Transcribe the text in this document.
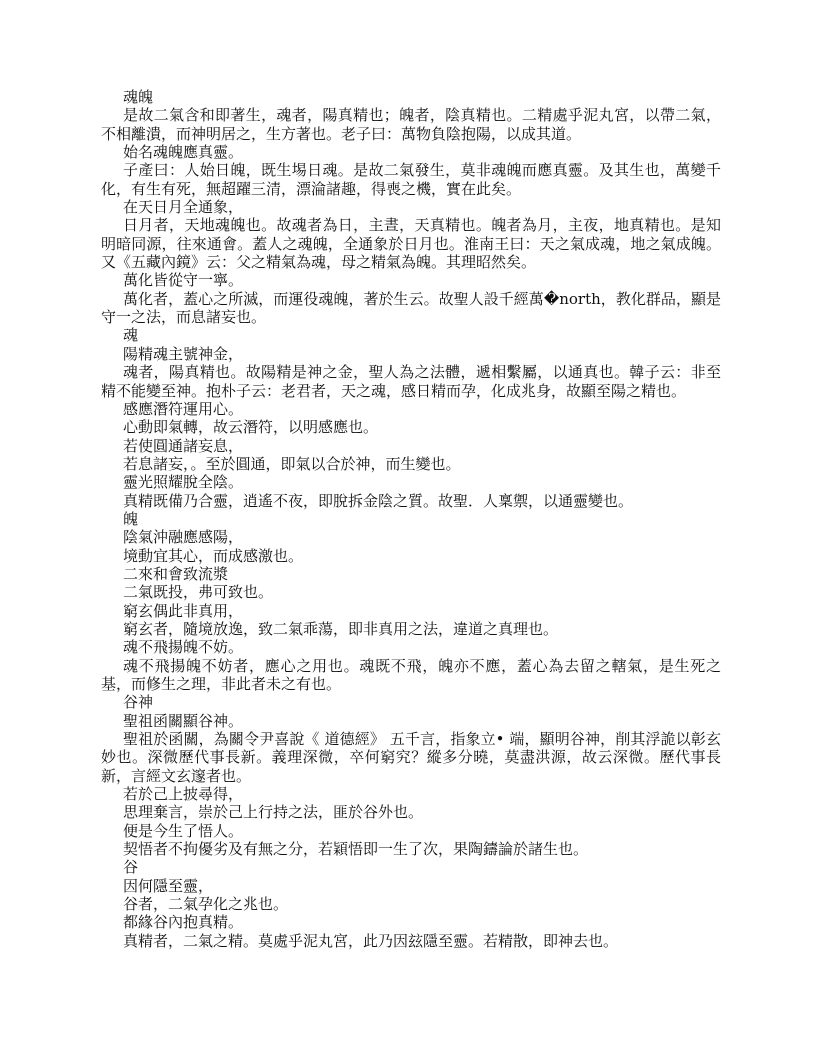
魂魄

是故二氣含和即著生，魂者，陽真精也；魄者，陰真精也。二精處乎泥丸宮，以帶二氣，不相離潰，而神明居之，生方著也。老子曰：萬物負陰抱陽，以成其道。

始名魂魄應真靈。

子產曰：人始日魄，既生埸日魂。是故二氣發生，莫非魂魄而應真靈。及其生也，萬變千化，有生有死，無超躍三清，漂淪諸趣，得喪之機，實在此矣。

在天日月全通象，

日月者，天地魂魄也。故魂者為日，主晝，天真精也。魄者為月，主夜，地真精也。是知明暗同源，往來通會。蓋人之魂魄，全通象於日月也。淮南王曰：天之氣成魂，地之氣成魄。又《五藏內鏡》云：父之精氣為魂，母之精氣為魄。其理昭然矣。

萬化皆從守一寧。

萬化者，蓋心之所滅，而運役魂魄，著於生云。故聖人設千經萬�north，教化群品，顯是守一之法，而息諸妄也。

魂

陽精魂主號神金，

魂者，陽真精也。故陽精是神之金，聖人為之法體，遞相繫屬，以通真也。韓子云：非至精不能變至神。抱朴子云：老君者，天之魂，感日精而孕，化成兆身，故顯至陽之精也。

感應潛符運用心。

心動即氣轉，故云潛符，以明感應也。

若使圓通諸妄息，

若息諸妄，。至於圓通，即氣以合於神，而生變也。

靈光照耀脫全陰。

真精既備乃合靈，逍遙不夜，即脫拆金陰之質。故聖．人稟禦，以通靈變也。

魄

陰氣沖融應感陽，

境動宜其心，而成感激也。

二來和會致流漿

二氣既投，弗可致也。

窮玄偶此非真用，

窮玄者，隨境放逸，致二氣乖蕩，即非真用之法，違道之真理也。

魂不飛揚魄不妨。

魂不飛揚魄不妨者，應心之用也。魂既不飛，魄亦不應，蓋心為去留之轄氣，是生死之基，而修生之理，非此者未之有也。

谷神

聖祖函關顯谷神。

聖祖於函關，為關令尹喜說《 道德經》 五千言，指象立• 端，顯明谷神，削其浮詭以彰玄妙也。深微歷代事長新。義理深微，卒何窮究？縱多分曉，莫盡洪源，故云深微。歷代事長新，言經文玄邃者也。

若於己上披尋得，

思理棄言，崇於己上行持之法，匪於谷外也。

便是今生了悟人。

契悟者不拘優劣及有無之分，若穎悟即一生了次，果陶鑄論於諸生也。

谷

因何隱至靈，

谷者，二氣孕化之兆也。

都緣谷內抱真精。

真精者，二氣之精。莫處乎泥丸宮，此乃因玆隱至靈。若精散，即神去也。
